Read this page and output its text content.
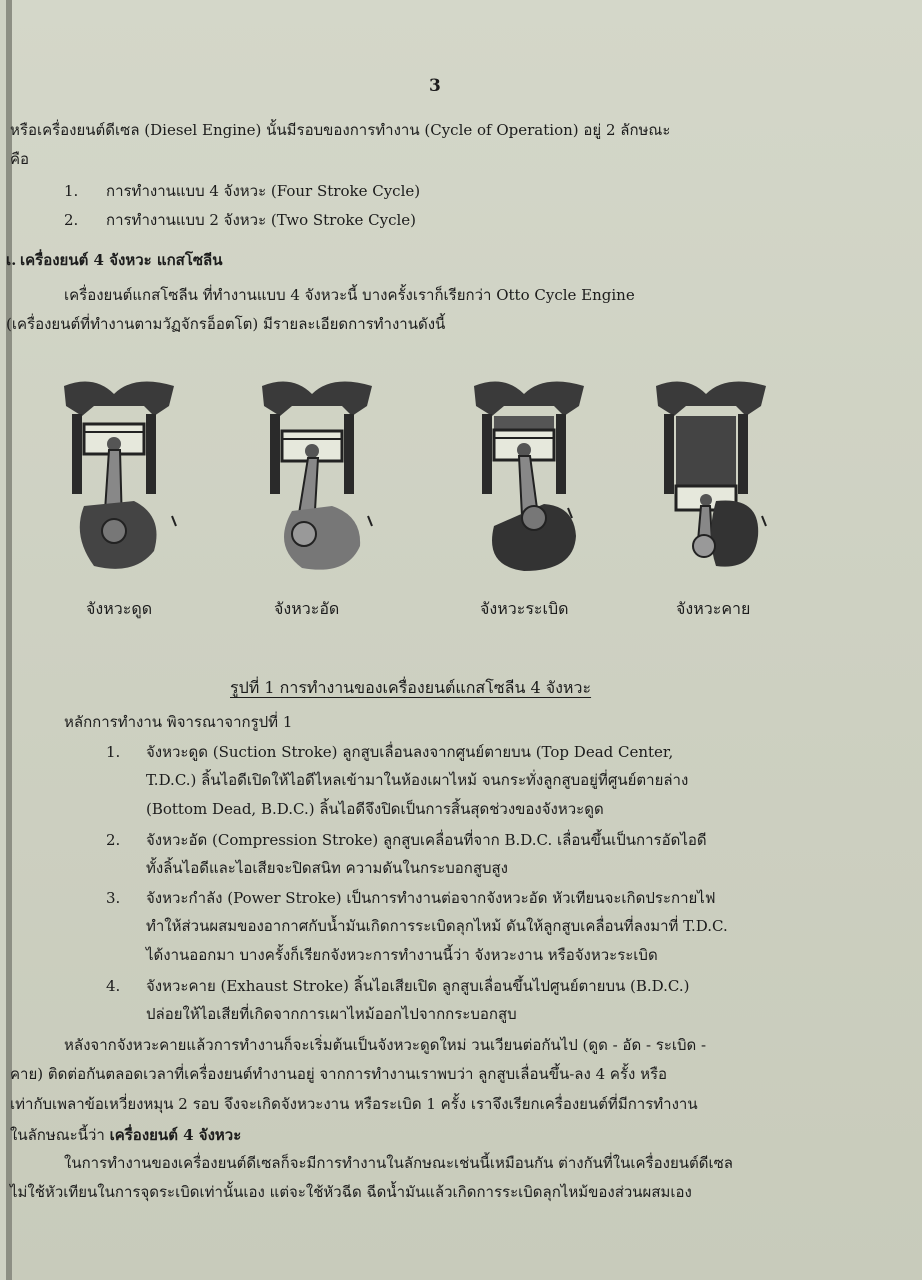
3
หรือเครื่องยนต์ดีเซล (Diesel Engine) นั้นมีรอบของการทำงาน (Cycle of Operation) อยู่ 2 ลักษณะ
คือ
1. การทำงานแบบ 4 จังหวะ (Four Stroke Cycle)
2. การทำงานแบบ 2 จังหวะ (Two Stroke Cycle)
เ. เครื่องยนต์ 4 จังหวะ แกสโซลีน
เครื่องยนต์แกสโซลีน ที่ทำงานแบบ 4 จังหวะนี้ บางครั้งเราก็เรียกว่า Otto Cycle Engine
(เครื่องยนต์ที่ทำงานตามวัฏจักรอ็อตโต) มีรายละเอียดการทำงานดังนี้
จังหวะดูด	จังหวะอัด	จังหวะระเบิด	จังหวะคาย
รูปที่ 1 การทำงานของเครื่องยนต์แกสโซลีน 4 จังหวะ
หลักการทำงาน พิจารณาจากรูปที่ 1
1. จังหวะดูด (Suction Stroke) ลูกสูบเลื่อนลงจากศูนย์ตายบน (Top Dead Center,
T.D.C.) ลิ้นไอดีเปิดให้ไอดีไหลเข้ามาในห้องเผาไหม้ จนกระทั่งลูกสูบอยู่ที่ศูนย์ตายล่าง
(Bottom Dead, B.D.C.) ลิ้นไอดีจึงปิดเป็นการสิ้นสุดช่วงของจังหวะดูด
2. จังหวะอัด (Compression Stroke) ลูกสูบเคลื่อนที่จาก B.D.C. เลื่อนขึ้นเป็นการอัดไอดี
ทั้งลิ้นไอดีและไอเสียจะปิดสนิท ความดันในกระบอกสูบสูง
3. จังหวะกำลัง (Power Stroke) เป็นการทำงานต่อจากจังหวะอัด หัวเทียนจะเกิดประกายไฟ
ทำให้ส่วนผสมของอากาศกับน้ำมันเกิดการระเบิดลุกไหม้ ดันให้ลูกสูบเคลื่อนที่ลงมาที่ T.D.C.
ได้งานออกมา บางครั้งก็เรียกจังหวะการทำงานนี้ว่า จังหวะงาน หรือจังหวะระเบิด
4. จังหวะคาย (Exhaust Stroke) ลิ้นไอเสียเปิด ลูกสูบเลื่อนขึ้นไปศูนย์ตายบน (B.D.C.)
ปล่อยให้ไอเสียที่เกิดจากการเผาไหม้ออกไปจากกระบอกสูบ
หลังจากจังหวะคายแล้วการทำงานก็จะเริ่มต้นเป็นจังหวะดูดใหม่ วนเวียนต่อกันไป (ดูด - อัด - ระเบิด -
คาย) ติดต่อกันตลอดเวลาที่เครื่องยนต์ทำงานอยู่ จากการทำงานเราพบว่า ลูกสูบเลื่อนขึ้น-ลง 4 ครั้ง หรือ
เท่ากับเพลาข้อเหวี่ยงหมุน 2 รอบ จึงจะเกิดจังหวะงาน หรือระเบิด 1 ครั้ง เราจึงเรียกเครื่องยนต์ที่มีการทำงาน
ในลักษณะนี้ว่า เครื่องยนต์ 4 จังหวะ
ในการทำงานของเครื่องยนต์ดีเซลก็จะมีการทำงานในลักษณะเช่นนี้เหมือนกัน ต่างกันที่ในเครื่องยนต์ดีเซล
ไม่ใช้หัวเทียนในการจุดระเบิดเท่านั้นเอง แต่จะใช้หัวฉีด ฉีดน้ำมันแล้วเกิดการระเบิดลุกไหม้ของส่วนผสมเอง
